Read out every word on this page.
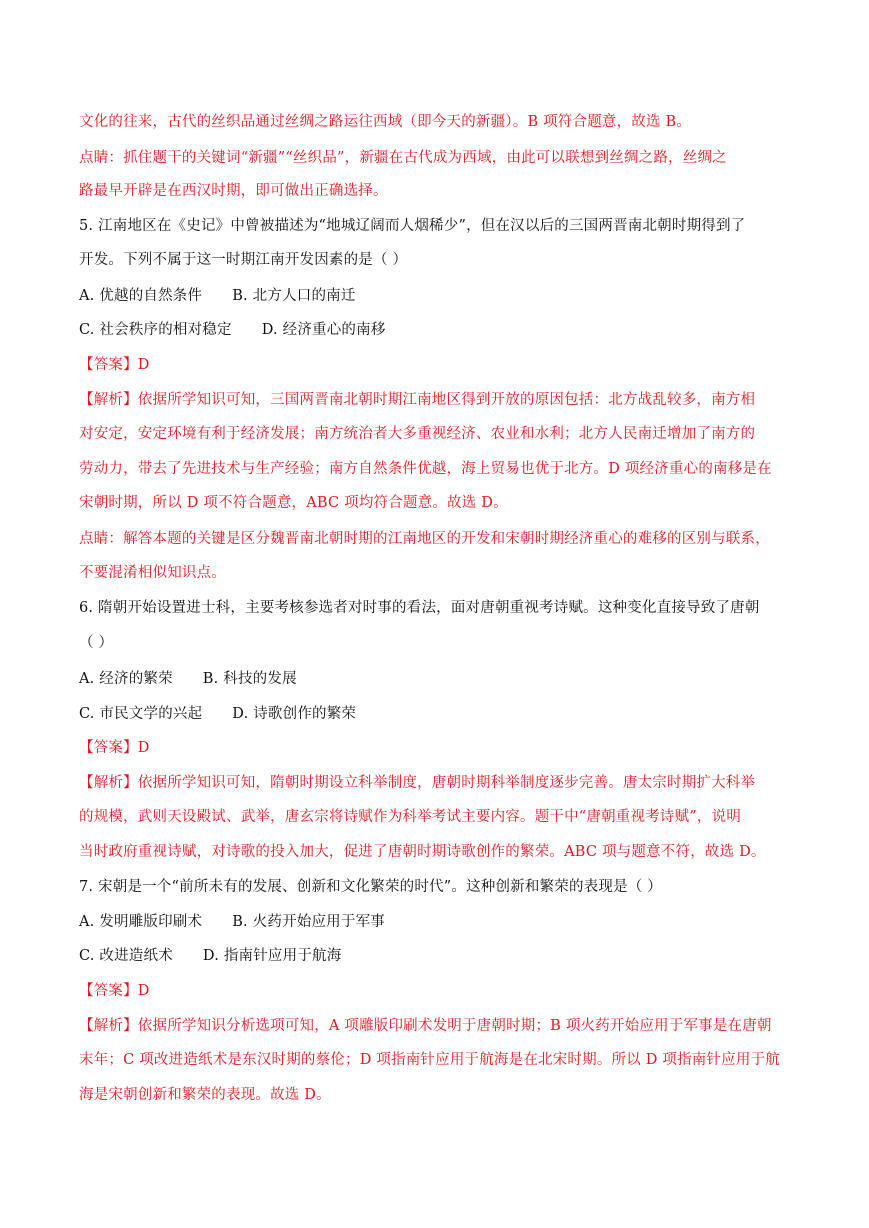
文化的往来，古代的丝织品通过丝绸之路运往西域（即今天的新疆）。B 项符合题意，故选 B。
点睛：抓住题干的关键词“新疆”“丝织品”，新疆在古代成为西域，由此可以联想到丝绸之路，丝绸之
路最早开辟是在西汉时期，即可做出正确选择。
5. 江南地区在《史记》中曾被描述为“地城辽阔而人烟稀少”，但在汉以后的三国两晋南北朝时期得到了
开发。下列不属于这一时期江南开发因素的是（ ）
A. 优越的自然条件 B. 北方人口的南迁
C. 社会秩序的相对稳定 D. 经济重心的南移
【答案】D
【解析】依据所学知识可知，三国两晋南北朝时期江南地区得到开放的原因包括：北方战乱较多，南方相
对安定，安定环境有利于经济发展；南方统治者大多重视经济、农业和水利；北方人民南迁增加了南方的
劳动力，带去了先进技术与生产经验；南方自然条件优越，海上贸易也优于北方。D 项经济重心的南移是在
宋朝时期，所以 D 项不符合题意，ABC 项均符合题意。故选 D。
点睛：解答本题的关键是区分魏晋南北朝时期的江南地区的开发和宋朝时期经济重心的难移的区别与联系，
不要混淆相似知识点。
6. 隋朝开始设置进士科，主要考核参选者对时事的看法，面对唐朝重视考诗赋。这种变化直接导致了唐朝
（ ）
A. 经济的繁荣 B. 科技的发展
C. 市民文学的兴起 D. 诗歌创作的繁荣
【答案】D
【解析】依据所学知识可知，隋朝时期设立科举制度，唐朝时期科举制度逐步完善。唐太宗时期扩大科举
的规模，武则天设殿试、武举，唐玄宗将诗赋作为科举考试主要内容。题干中“唐朝重视考诗赋”，说明
当时政府重视诗赋，对诗歌的投入加大，促进了唐朝时期诗歌创作的繁荣。ABC 项与题意不符，故选 D。
7. 宋朝是一个“前所未有的发展、创新和文化繁荣的时代”。这种创新和繁荣的表现是（ ）
A. 发明雕版印刷术 B. 火药开始应用于军事
C. 改进造纸术 D. 指南针应用于航海
【答案】D
【解析】依据所学知识分析选项可知，A 项雕版印刷术发明于唐朝时期；B 项火药开始应用于军事是在唐朝
末年；C 项改进造纸术是东汉时期的蔡伦；D 项指南针应用于航海是在北宋时期。所以 D 项指南针应用于航
海是宋朝创新和繁荣的表现。故选 D。
